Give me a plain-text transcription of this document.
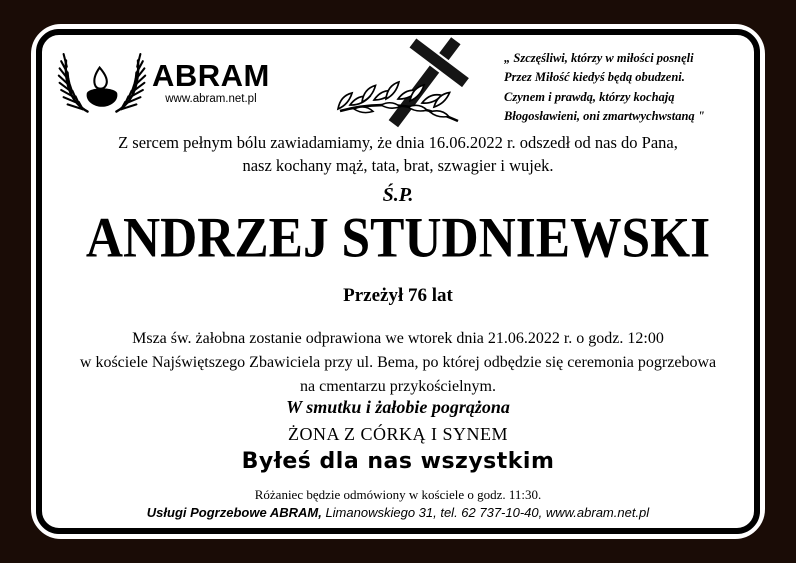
ABRAM
www.abram.net.pl
„ Szczęśliwi, którzy w miłości posnęli
Przez Miłość kiedyś będą obudzeni.
Czynem i prawdą, którzy kochają
Błogosławieni, oni zmartwychwstaną "
Z sercem pełnym bólu zawiadamiamy, że dnia 16.06.2022 r. odszedł od nas do Pana,
nasz kochany mąż, tata, brat, szwagier i wujek.
Ś.P.
ANDRZEJ STUDNIEWSKI
Przeżył 76 lat
Msza św. żałobna zostanie odprawiona we wtorek dnia 21.06.2022 r. o godz. 12:00
w kościele Najświętszego Zbawiciela przy ul. Bema, po której odbędzie się ceremonia pogrzebowa
na cmentarzu przykościelnym.
W smutku i żałobie pogrążona
ŻONA Z CÓRKĄ I SYNEM
Byłeś dla nas wszystkim
Różaniec będzie odmówiony w kościele o godz. 11:30.
Usługi Pogrzebowe ABRAM, Limanowskiego 31, tel. 62 737-10-40, www.abram.net.pl
